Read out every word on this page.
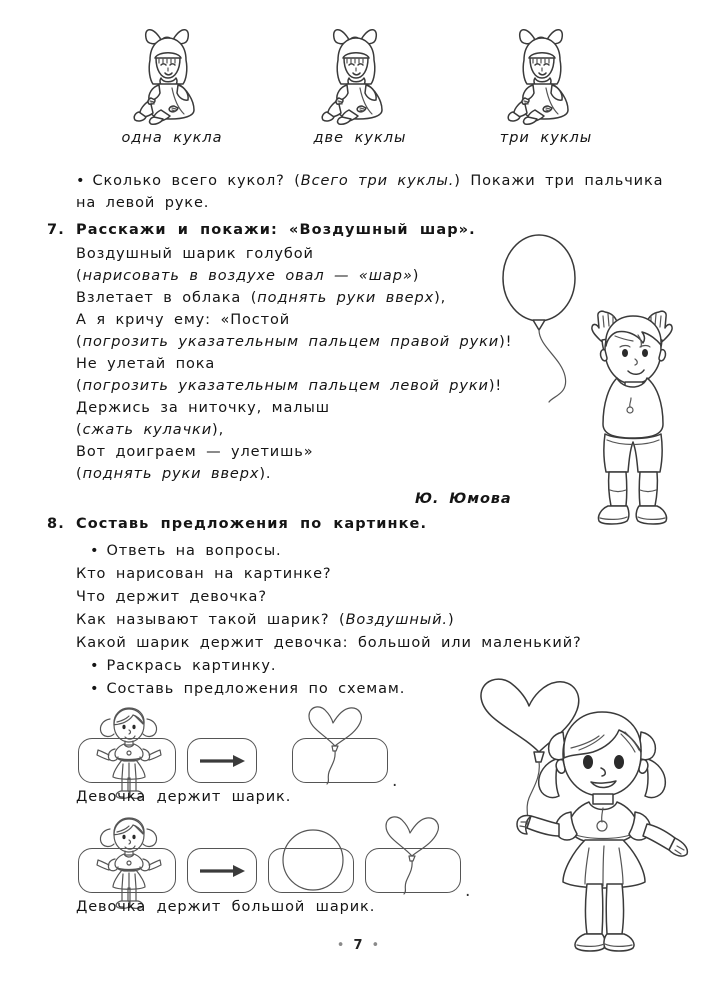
одна кукла	две куклы	три куклы
• Сколько всего кукол? (Всего три куклы.) Покажи три пальчика
на левой руке.
7. Расскажи и покажи: «Воздушный шар».
Воздушный шарик голубой
(нарисовать в воздухе овал — «шар»)
Взлетает в облака (поднять руки вверх),
А я кричу ему: «Постой
(погрозить указательным пальцем правой руки)!
Не улетай пока
(погрозить указательным пальцем левой руки)!
Держись за ниточку, малыш
(сжать кулачки),
Вот доиграем — улетишь»
(поднять руки вверх).
Ю. Юмова
8. Составь предложения по картинке.
• Ответь на вопросы.
Кто нарисован на картинке?
Что держит девочка?
Как называют такой шарик? (Воздушный.)
Какой шарик держит девочка: большой или маленький?
• Раскрась картинку.
• Составь предложения по схемам.
.
Девочка держит шарик.
.
Девочка держит большой шарик.
• 7 •
